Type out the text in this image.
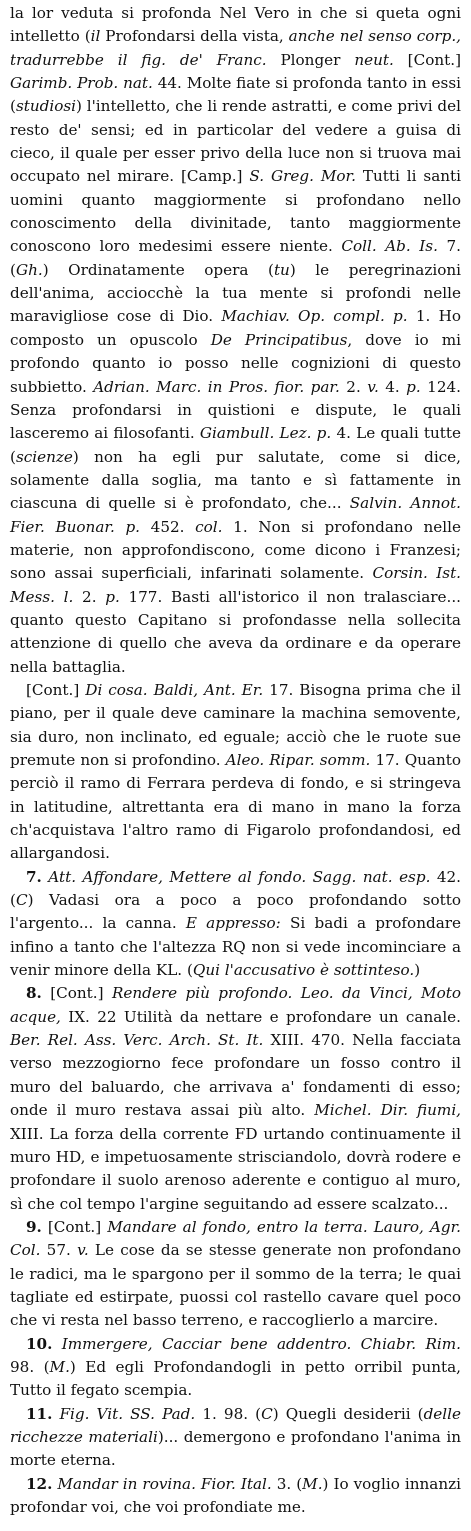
la lor veduta si profonda Nel Vero in che si queta ogni intelletto (il Profondarsi della vista, anche nel senso corp., tradurrebbe il fig. de' Franc. Plonger neut. [Cont.] Garimb. Prob. nat. 44. Molte fiate si profonda tanto in essi (studiosi) l'intelletto, che li rende astratti, e come privi del resto de' sensi; ed in particolar del vedere a guisa di cieco, il quale per esser privo della luce non si truova mai occupato nel mirare. [Camp.] S. Greg. Mor. Tutti li santi uomini quanto maggiormente si profondano nello conoscimento della divinitade, tanto maggiormente conoscono loro medesimi essere niente. Coll. Ab. Is. 7. (Gh.) Ordinatamente opera (tu) le peregrinazioni dell'anima, acciocchè la tua mente si profondi nelle maravigliose cose di Dio. Machiav. Op. compl. p. 1. Ho composto un opuscolo De Principatibus, dove io mi profondo quanto io posso nelle cognizioni di questo subbietto. Adrian. Marc. in Pros. fior. par. 2. v. 4. p. 124. Senza profondarsi in quistioni e dispute, le quali lasceremo ai filosofanti. Giambull. Lez. p. 4. Le quali tutte (scienze) non ha egli pur salutate, come si dice, solamente dalla soglia, ma tanto e sì fattamente in ciascuna di quelle si è profondato, che... Salvin. Annot. Fier. Buonar. p. 452. col. 1. Non si profondano nelle materie, non approfondiscono, come dicono i Franzesi; sono assai superficiali, infarinati solamente. Corsin. Ist. Mess. l. 2. p. 177. Basti all'istorico il non tralasciare... quanto questo Capitano si profondasse nella sollecita attenzione di quello che aveva da ordinare e da operare nella battaglia.

[Cont.] Di cosa. Baldi, Ant. Er. 17. Bisogna prima che il piano, per il quale deve caminare la machina semovente, sia duro, non inclinato, ed eguale; acciò che le ruote sue premute non si profondino. Aleo. Ripar. somm. 17. Quanto perciò il ramo di Ferrara perdeva di fondo, e si stringeva in latitudine, altrettanta era di mano in mano la forza ch'acquistava l'altro ramo di Figarolo profondandosi, ed allargandosi.

7. Att. Affondare, Mettere al fondo. Sagg. nat. esp. 42. (C) Vadasi ora a poco a poco profondando sotto l'argento... la canna. E appresso: Si badi a profondare infino a tanto che l'altezza RQ non si vede incominciare a venir minore della KL. (Qui l'accusativo è sottinteso.)

8. [Cont.] Rendere più profondo. Leo. da Vinci, Moto acque, IX. 22 Utilità da nettare e profondare un canale. Ber. Rel. Ass. Verc. Arch. St. It. XIII. 470. Nella facciata verso mezzogiorno fece profondare un fosso contro il muro del baluardo, che arrivava a' fondamenti di esso; onde il muro restava assai più alto. Michel. Dir. fiumi, XIII. La forza della corrente FD urtando continuamente il muro HD, e impetuosamente strisciandolo, dovrà rodere e profondare il suolo arenoso aderente e contiguo al muro, sì che col tempo l'argine seguitando ad essere scalzato...

9. [Cont.] Mandare al fondo, entro la terra. Lauro, Agr. Col. 57. v. Le cose da se stesse generate non profondano le radici, ma le spargono per il sommo de la terra; le quai tagliate ed estirpate, puossi col rastello cavare quel poco che vi resta nel basso terreno, e raccoglierlo a marcire.

10. Immergere, Cacciar bene addentro. Chiabr. Rim. 98. (M.) Ed egli Profondandogli in petto orribil punta, Tutto il fegato scempia.

11. Fig. Vit. SS. Pad. 1. 98. (C) Quegli desiderii (delle ricchezze materiali)... demergono e profondano l'anima in morte eterna.

12. Mandar in rovina. Fior. Ital. 3. (M.) Io voglio innanzi profondar voi, che voi profondiate me.
